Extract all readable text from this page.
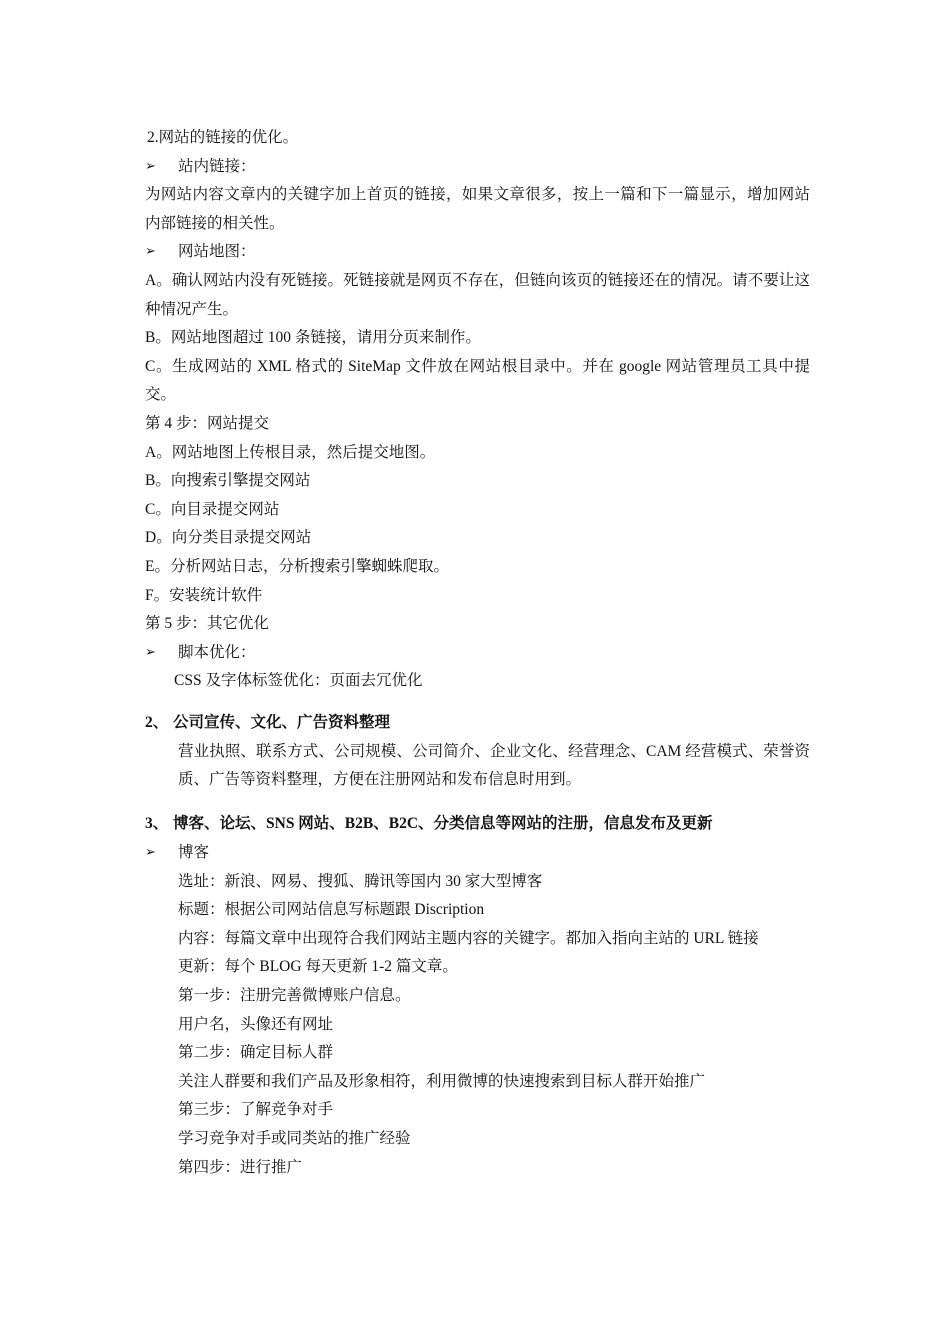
2.网站的链接的优化。
➢	站内链接：
为网站内容文章内的关键字加上首页的链接，如果文章很多，按上一篇和下一篇显示，增加网站内部链接的相关性。
➢	网站地图：
A。确认网站内没有死链接。死链接就是网页不存在，但链向该页的链接还在的情况。请不要让这种情况产生。
B。网站地图超过 100 条链接，请用分页来制作。
C。生成网站的 XML 格式的 SiteMap 文件放在网站根目录中。并在 google 网站管理员工具中提交。
第 4 步：网站提交
A。网站地图上传根目录，然后提交地图。
B。向搜索引擎提交网站
C。向目录提交网站
D。向分类目录提交网站
E。分析网站日志，分析搜索引擎蜘蛛爬取。
F。安装统计软件
第 5 步：其它优化
➢	脚本优化：
CSS 及字体标签优化：页面去冗优化
2、 公司宣传、文化、广告资料整理
营业执照、联系方式、公司规模、公司简介、企业文化、经营理念、CAM 经营模式、荣誉资质、广告等资料整理，方便在注册网站和发布信息时用到。
3、 博客、论坛、SNS 网站、B2B、B2C、分类信息等网站的注册，信息发布及更新
➢	博客
选址：新浪、网易、搜狐、腾讯等国内 30 家大型博客
标题：根据公司网站信息写标题跟 Discription
内容：每篇文章中出现符合我们网站主题内容的关键字。都加入指向主站的 URL 链接
更新：每个 BLOG 每天更新 1-2 篇文章。
第一步：注册完善微博账户信息。
用户名，头像还有网址
第二步：确定目标人群
关注人群要和我们产品及形象相符，利用微博的快速搜索到目标人群开始推广
第三步：了解竞争对手
学习竞争对手或同类站的推广经验
第四步：进行推广
